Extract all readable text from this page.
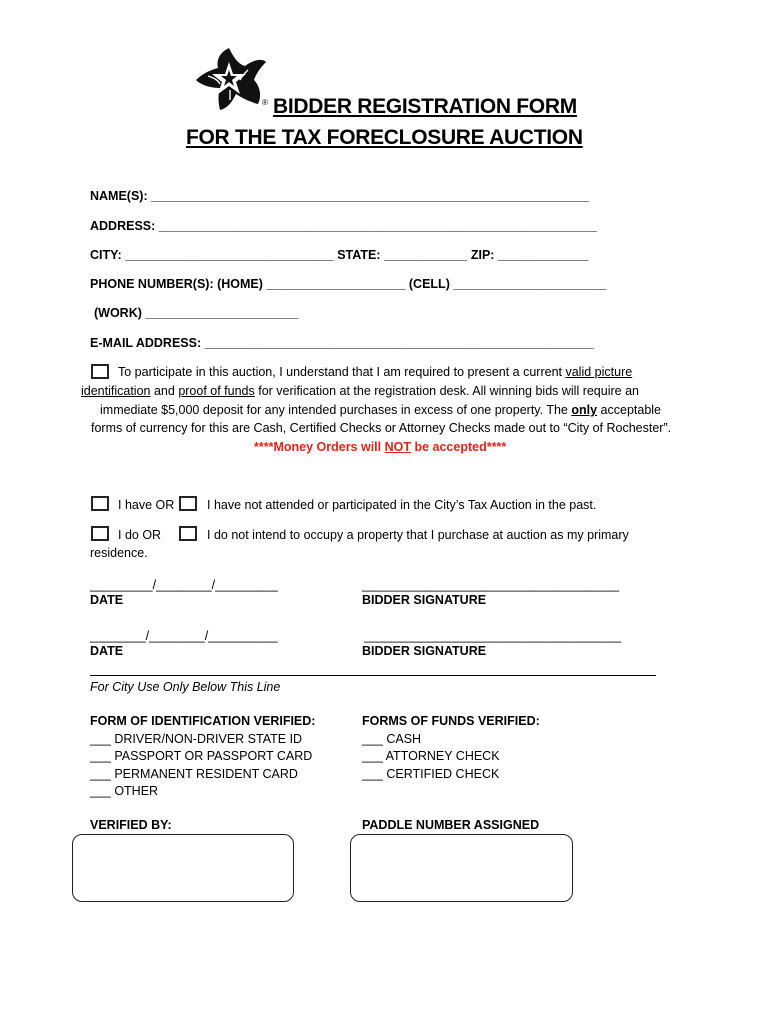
® BIDDER REGISTRATION FORM
FOR THE TAX FORECLOSURE AUCTION
NAME(S): _______________________________________________________________
ADDRESS: _______________________________________________________________
CITY: ______________________________ STATE: ____________ ZIP: _____________
PHONE NUMBER(S): (HOME) ____________________ (CELL) ______________________
(WORK) ______________________
E-MAIL ADDRESS: ________________________________________________________
To participate in this auction, I understand that I am required to present a current valid picture
identification and proof of funds for verification at the registration desk. All winning bids will require an
immediate $5,000 deposit for any intended purchases in excess of one property. The only acceptable
forms of currency for this are Cash, Certified Checks or Attorney Checks made out to “City of Rochester”.
****Money Orders will NOT be accepted****
I have OR	I have not attended or participated in the City’s Tax Auction in the past.
I do OR	I do not intend to occupy a property that I purchase at auction as my primary
residence.
_________/________/_________	_____________________________________
DATE	BIDDER SIGNATURE
________/________/__________	_____________________________________
DATE	BIDDER SIGNATURE
For City Use Only Below This Line
FORM OF IDENTIFICATION VERIFIED:
___ DRIVER/NON-DRIVER STATE ID
___ PASSPORT OR PASSPORT CARD
___ PERMANENT RESIDENT CARD
___ OTHER
FORMS OF FUNDS VERIFIED:
___ CASH
___ ATTORNEY CHECK
___ CERTIFIED CHECK
VERIFIED BY:	PADDLE NUMBER ASSIGNED
